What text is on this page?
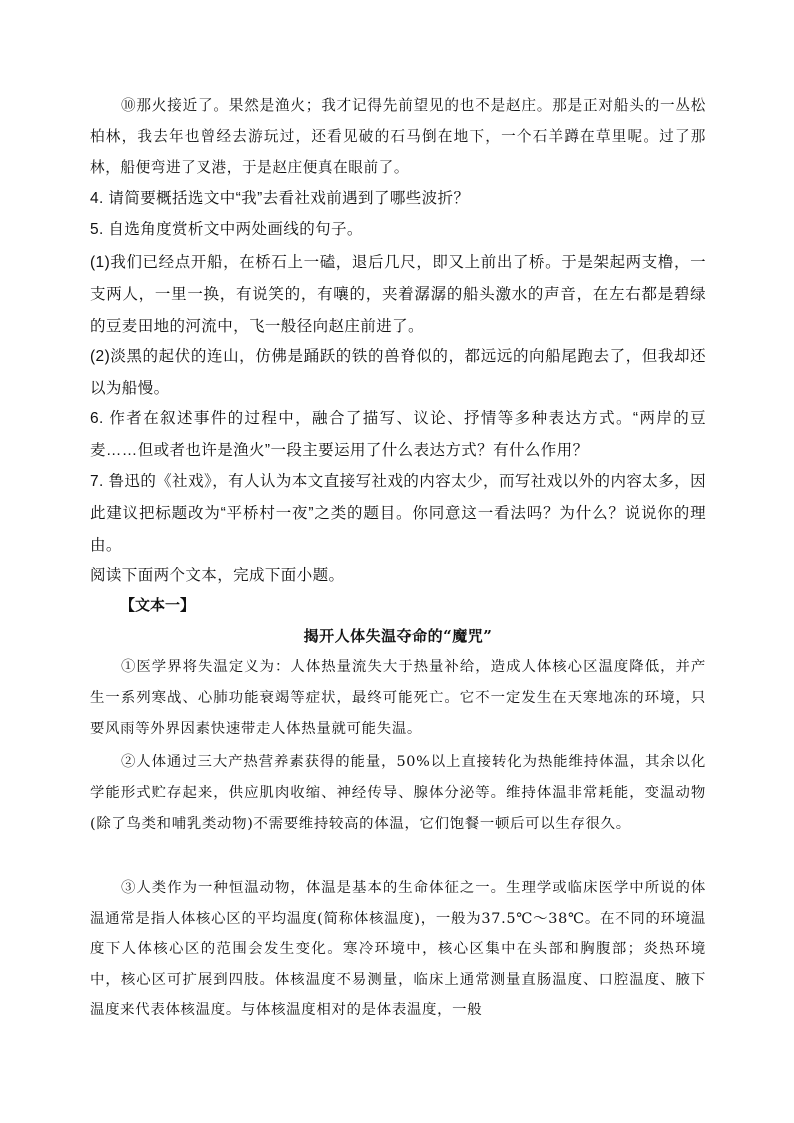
⑩那火接近了。果然是渔火；我才记得先前望见的也不是赵庄。那是正对船头的一丛松柏林，我去年也曾经去游玩过，还看见破的石马倒在地下，一个石羊蹲在草里呢。过了那林，船便弯进了叉港，于是赵庄便真在眼前了。

4. 请简要概括选文中“我”去看社戏前遇到了哪些波折？

5. 自选角度赏析文中两处画线的句子。

(1)我们已经点开船，在桥石上一磕，退后几尺，即又上前出了桥。于是架起两支橹，一支两人，一里一换，有说笑的，有嚷的，夹着潺潺的船头激水的声音，在左右都是碧绿的豆麦田地的河流中，飞一般径向赵庄前进了。

(2)淡黑的起伏的连山，仿佛是踊跃的铁的兽脊似的，都远远的向船尾跑去了，但我却还以为船慢。

6. 作者在叙述事件的过程中，融合了描写、议论、抒情等多种表达方式。“两岸的豆麦……但或者也许是渔火”一段主要运用了什么表达方式？有什么作用？

7. 鲁迅的《社戏》，有人认为本文直接写社戏的内容太少，而写社戏以外的内容太多，因此建议把标题改为“平桥村一夜”之类的题目。你同意这一看法吗？为什么？说说你的理由。

阅读下面两个文本，完成下面小题。

【文本一】
揭开人体失温夺命的“魔咒”

①医学界将失温定义为：人体热量流失大于热量补给，造成人体核心区温度降低，并产生一系列寒战、心肺功能衰竭等症状，最终可能死亡。它不一定发生在天寒地冻的环境，只要风雨等外界因素快速带走人体热量就可能失温。

②人体通过三大产热营养素获得的能量，50%以上直接转化为热能维持体温，其余以化学能形式贮存起来，供应肌肉收缩、神经传导、腺体分泌等。维持体温非常耗能，变温动物(除了鸟类和哺乳类动物)不需要维持较高的体温，它们饱餐一顿后可以生存很久。

③人类作为一种恒温动物，体温是基本的生命体征之一。生理学或临床医学中所说的体温通常是指人体核心区的平均温度(简称体核温度)，一般为37.5℃～38℃。在不同的环境温度下人体核心区的范围会发生变化。寒冷环境中，核心区集中在头部和胸腹部；炎热环境中，核心区可扩展到四肢。体核温度不易测量，临床上通常测量直肠温度、口腔温度、腋下温度来代表体核温度。与体核温度相对的是体表温度，一般
